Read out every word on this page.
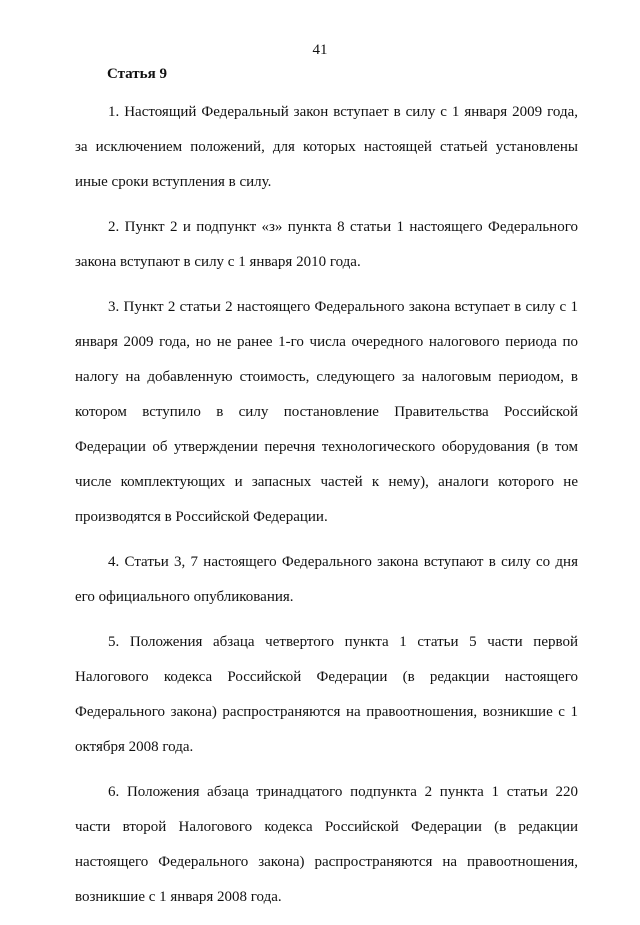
41
Статья 9

1. Настоящий Федеральный закон вступает в силу с 1 января 2009 года, за исключением положений, для которых настоящей статьей установлены иные сроки вступления в силу.

2. Пункт 2 и подпункт «з» пункта 8 статьи 1 настоящего Федерального закона вступают в силу с 1 января 2010 года.

3. Пункт 2 статьи 2 настоящего Федерального закона вступает в силу с 1 января 2009 года, но не ранее 1-го числа очередного налогового периода по налогу на добавленную стоимость, следующего за налоговым периодом, в котором вступило в силу постановление Правительства Российской Федерации об утверждении перечня технологического оборудования (в том числе комплектующих и запасных частей к нему), аналоги которого не производятся в Российской Федерации.

4. Статьи 3, 7 настоящего Федерального закона вступают в силу со дня его официального опубликования.

5. Положения абзаца четвертого пункта 1 статьи 5 части первой Налогового кодекса Российской Федерации (в редакции настоящего Федерального закона) распространяются на правоотношения, возникшие с 1 октября 2008 года.

6. Положения абзаца тринадцатого подпункта 2 пункта 1 статьи 220 части второй Налогового кодекса Российской Федерации (в редакции настоящего Федерального закона) распространяются на правоотношения, возникшие с 1 января 2008 года.
